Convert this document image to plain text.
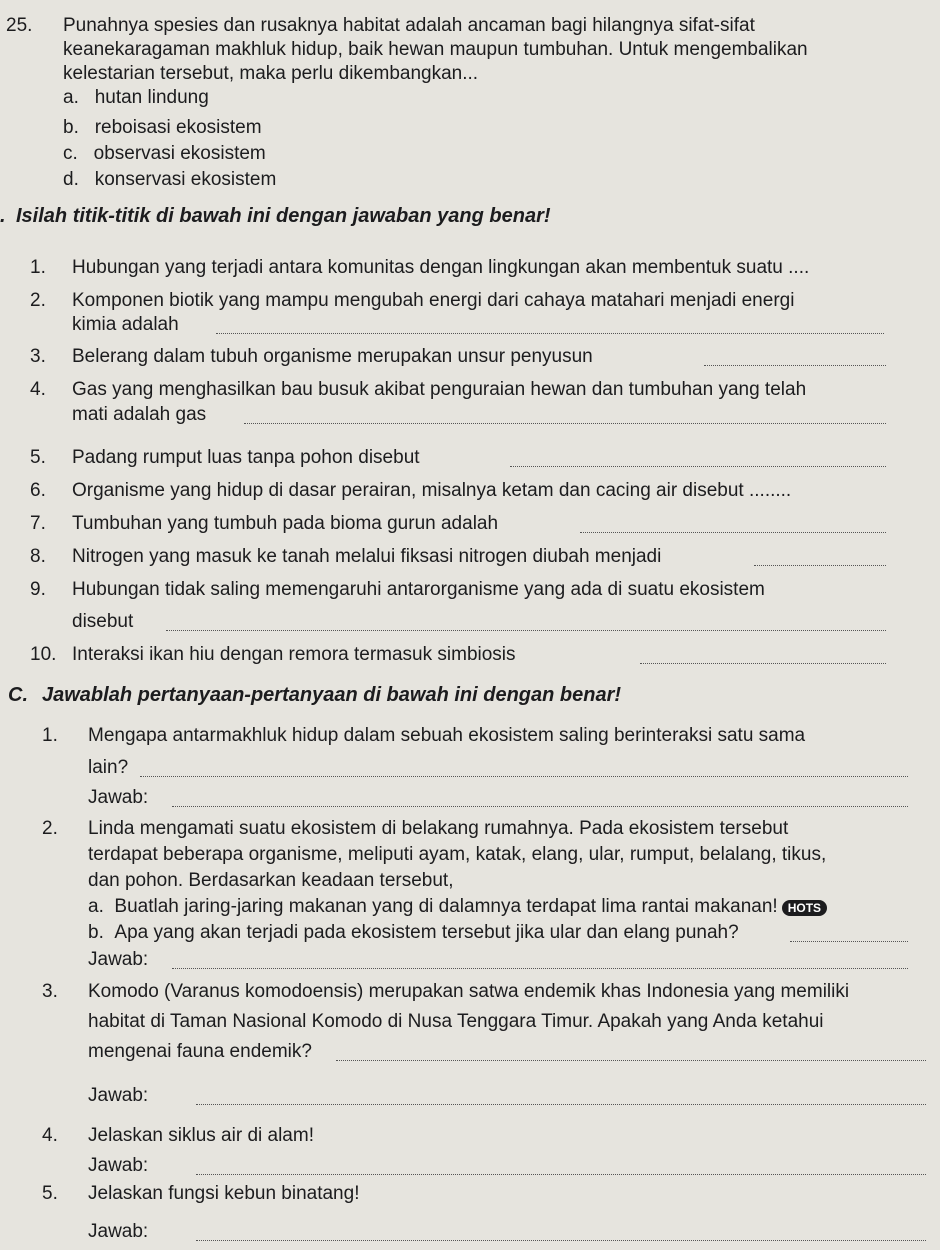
25. Punahnya spesies dan rusaknya habitat adalah ancaman bagi hilangnya sifat-sifat
keanekaragaman makhluk hidup, baik hewan maupun tumbuhan. Untuk mengembalikan
kelestarian tersebut, maka perlu dikembangkan...
a. hutan lindung
b. reboisasi ekosistem
c. observasi ekosistem
d. konservasi ekosistem
. Isilah titik-titik di bawah ini dengan jawaban yang benar!
1. Hubungan yang terjadi antara komunitas dengan lingkungan akan membentuk suatu ....
2. Komponen biotik yang mampu mengubah energi dari cahaya matahari menjadi energi
kimia adalah
3. Belerang dalam tubuh organisme merupakan unsur penyusun
4. Gas yang menghasilkan bau busuk akibat penguraian hewan dan tumbuhan yang telah
mati adalah gas
5. Padang rumput luas tanpa pohon disebut
6. Organisme yang hidup di dasar perairan, misalnya ketam dan cacing air disebut ........
7. Tumbuhan yang tumbuh pada bioma gurun adalah
8. Nitrogen yang masuk ke tanah melalui fiksasi nitrogen diubah menjadi
9. Hubungan tidak saling memengaruhi antarorganisme yang ada di suatu ekosistem
disebut
10. Interaksi ikan hiu dengan remora termasuk simbiosis
C. Jawablah pertanyaan-pertanyaan di bawah ini dengan benar!
1. Mengapa antarmakhluk hidup dalam sebuah ekosistem saling berinteraksi satu sama
lain?
Jawab:
2. Linda mengamati suatu ekosistem di belakang rumahnya. Pada ekosistem tersebut
terdapat beberapa organisme, meliputi ayam, katak, elang, ular, rumput, belalang, tikus,
dan pohon. Berdasarkan keadaan tersebut,
a. Buatlah jaring-jaring makanan yang di dalamnya terdapat lima rantai makanan! HOTS
b. Apa yang akan terjadi pada ekosistem tersebut jika ular dan elang punah?
Jawab:
3. Komodo (Varanus komodoensis) merupakan satwa endemik khas Indonesia yang memiliki
habitat di Taman Nasional Komodo di Nusa Tenggara Timur. Apakah yang Anda ketahui
mengenai fauna endemik?
Jawab:
4. Jelaskan siklus air di alam!
Jawab:
5. Jelaskan fungsi kebun binatang!
Jawab:
